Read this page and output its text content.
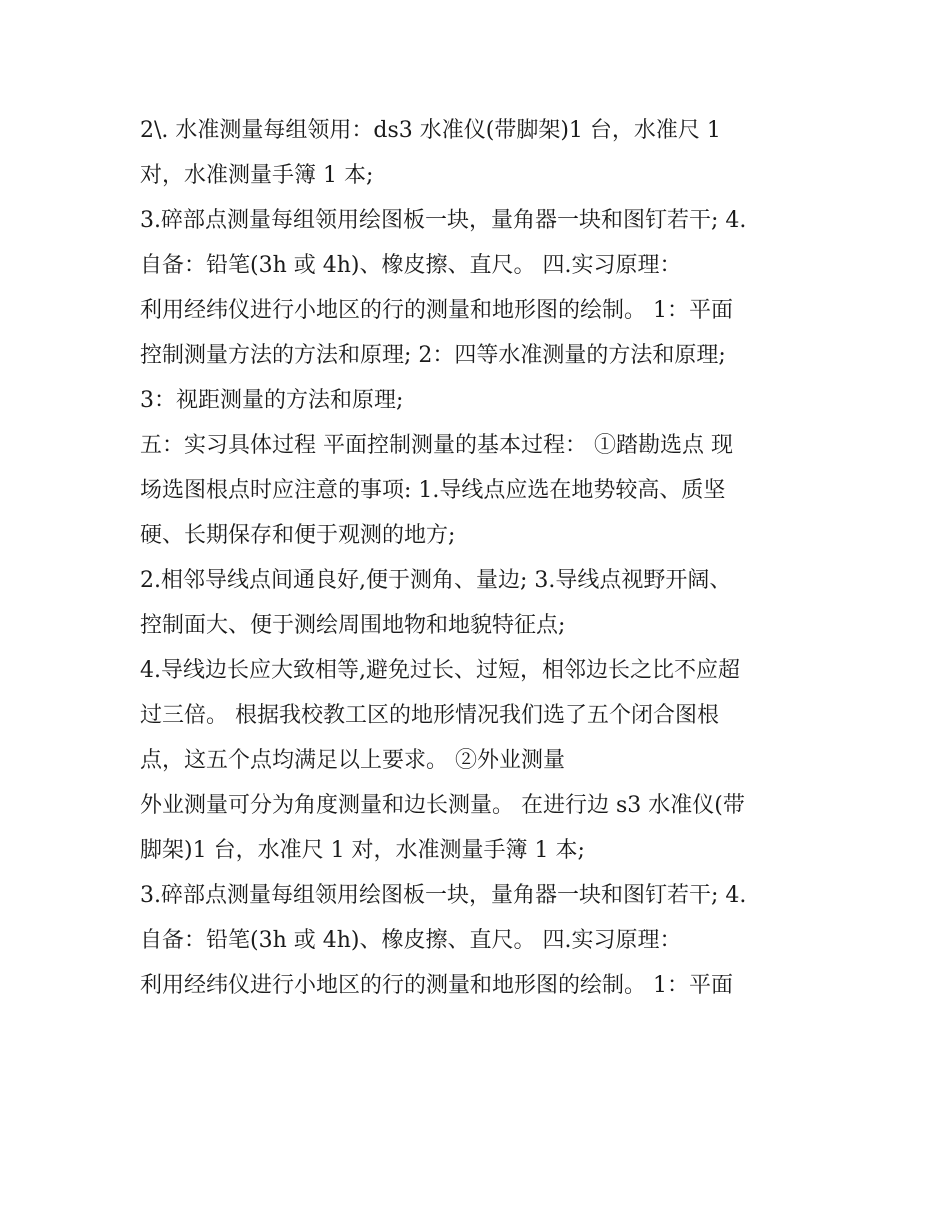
2\. 水准测量每组领用：ds3 水准仪(带脚架)1 台，水准尺 1
对，水准测量手簿 1 本;
3.碎部点测量每组领用绘图板一块，量角器一块和图钉若干; 4.
自备：铅笔(3h 或 4h)、橡皮擦、直尺。 四.实习原理：
利用经纬仪进行小地区的行的测量和地形图的绘制。 1：平面
控制测量方法的方法和原理; 2：四等水准测量的方法和原理;
3：视距测量的方法和原理;
五：实习具体过程 平面控制测量的基本过程： ①踏勘选点 现
场选图根点时应注意的事项: 1.导线点应选在地势较高、质坚
硬、长期保存和便于观测的地方;
2.相邻导线点间通良好,便于测角、量边; 3.导线点视野开阔、
控制面大、便于测绘周围地物和地貌特征点;
4.导线边长应大致相等,避免过长、过短，相邻边长之比不应超
过三倍。 根据我校教工区的地形情况我们选了五个闭合图根
点，这五个点均满足以上要求。 ②外业测量
外业测量可分为角度测量和边长测量。 在进行边 s3 水准仪(带
脚架)1 台，水准尺 1 对，水准测量手簿 1 本;
3.碎部点测量每组领用绘图板一块，量角器一块和图钉若干; 4.
自备：铅笔(3h 或 4h)、橡皮擦、直尺。 四.实习原理：
利用经纬仪进行小地区的行的测量和地形图的绘制。 1：平面
